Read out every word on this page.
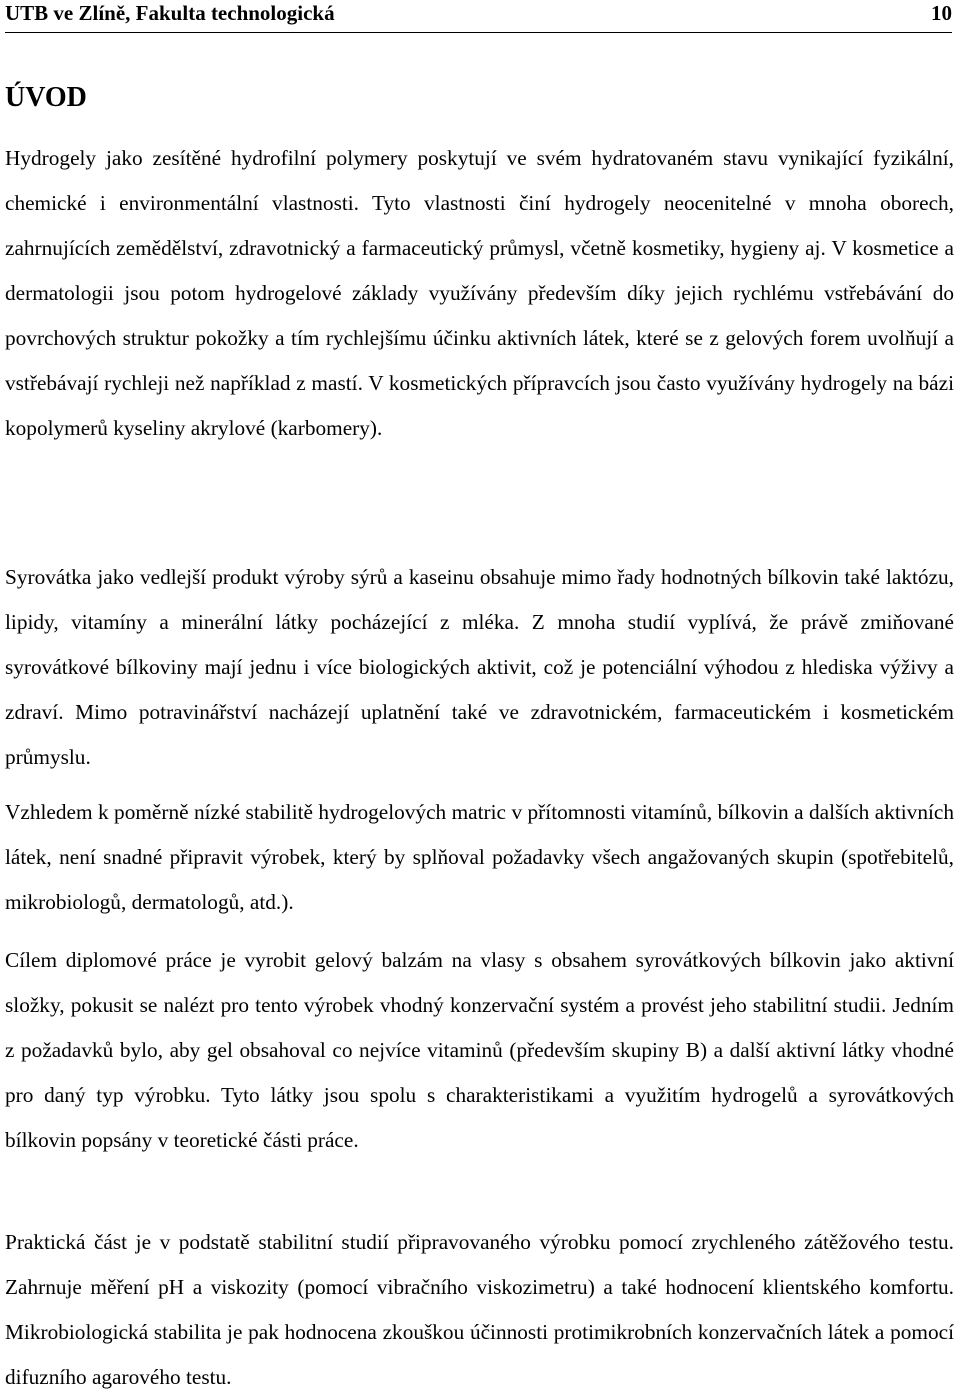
UTB ve Zlíně, Fakulta technologická	10
ÚVOD

Hydrogely jako zesítěné hydrofilní polymery poskytují ve svém hydratovaném stavu vynikající fyzikální, chemické i environmentální vlastnosti. Tyto vlastnosti činí hydrogely neocenitelné v mnoha oborech, zahrnujících zemědělství, zdravotnický a farmaceutický průmysl, včetně kosmetiky, hygieny aj. V kosmetice a dermatologii jsou potom hydrogelové základy využívány především díky jejich rychlému vstřebávání do povrchových struktur pokožky a tím rychlejšímu účinku aktivních látek, které se z gelových forem uvolňují a vstřebávají rychleji než například z mastí. V kosmetických přípravcích jsou často využívány hydrogely na bázi kopolymerů kyseliny akrylové (karbomery).

Syrovátka jako vedlejší produkt výroby sýrů a kaseinu obsahuje mimo řady hodnotných bílkovin také laktózu, lipidy, vitamíny a minerální látky pocházející z mléka. Z mnoha studií vyplívá, že právě zmiňované syrovátkové bílkoviny mají jednu i více biologických aktivit, což je potenciální výhodou z hlediska výživy a zdraví. Mimo potravinářství nacházejí uplatnění také ve zdravotnickém, farmaceutickém i kosmetickém průmyslu.

Vzhledem k poměrně nízké stabilitě hydrogelových matric v přítomnosti vitamínů, bílkovin a dalších aktivních látek, není snadné připravit výrobek, který by splňoval požadavky všech angažovaných skupin (spotřebitelů, mikrobiologů, dermatologů, atd.).

Cílem diplomové práce je vyrobit gelový balzám na vlasy s obsahem syrovátkových bílkovin jako aktivní složky, pokusit se nalézt pro tento výrobek vhodný konzervační systém a provést jeho stabilitní studii. Jedním z požadavků bylo, aby gel obsahoval co nejvíce vitaminů (především skupiny B) a další aktivní látky vhodné pro daný typ výrobku. Tyto látky jsou spolu s charakteristikami a využitím hydrogelů a syrovátkových bílkovin popsány v teoretické části práce.

Praktická část je v podstatě stabilitní studií připravovaného výrobku pomocí zrychleného zátěžového testu. Zahrnuje měření pH a viskozity (pomocí vibračního viskozimetru) a také hodnocení klientského komfortu. Mikrobiologická stabilita je pak hodnocena zkouškou účinnosti protimikrobních konzervačních látek a pomocí difuzního agarového testu.
